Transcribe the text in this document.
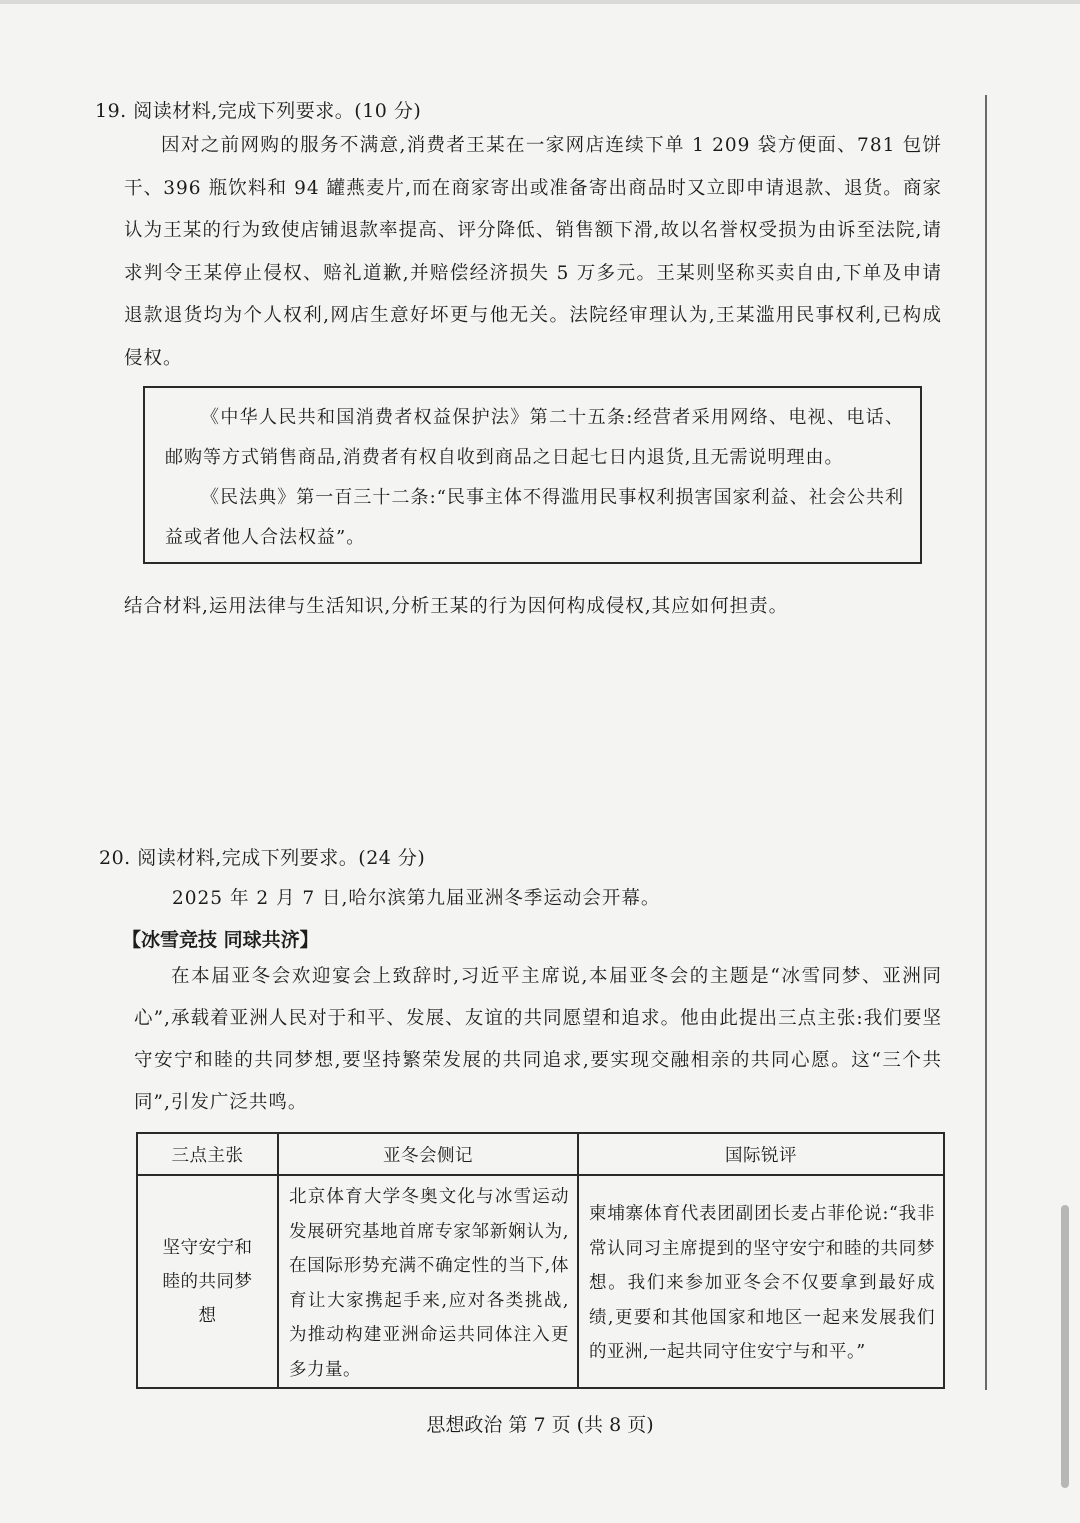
19. 阅读材料,完成下列要求。(10 分)
因对之前网购的服务不满意,消费者王某在一家网店连续下单 1 209 袋方便面、781 包饼干、396 瓶饮料和 94 罐燕麦片,而在商家寄出或准备寄出商品时又立即申请退款、退货。商家认为王某的行为致使店铺退款率提高、评分降低、销售额下滑,故以名誉权受损为由诉至法院,请求判令王某停止侵权、赔礼道歉,并赔偿经济损失 5 万多元。王某则坚称买卖自由,下单及申请退款退货均为个人权利,网店生意好坏更与他无关。法院经审理认为,王某滥用民事权利,已构成侵权。
《中华人民共和国消费者权益保护法》第二十五条:经营者采用网络、电视、电话、邮购等方式销售商品,消费者有权自收到商品之日起七日内退货,且无需说明理由。
《民法典》第一百三十二条:“民事主体不得滥用民事权利损害国家利益、社会公共利益或者他人合法权益”。
结合材料,运用法律与生活知识,分析王某的行为因何构成侵权,其应如何担责。
20. 阅读材料,完成下列要求。(24 分)
2025 年 2 月 7 日,哈尔滨第九届亚洲冬季运动会开幕。
【冰雪竞技 同球共济】
在本届亚冬会欢迎宴会上致辞时,习近平主席说,本届亚冬会的主题是“冰雪同梦、亚洲同心”,承载着亚洲人民对于和平、发展、友谊的共同愿望和追求。他由此提出三点主张:我们要坚守安宁和睦的共同梦想,要坚持繁荣发展的共同追求,要实现交融相亲的共同心愿。这“三个共同”,引发广泛共鸣。
三点主张	亚冬会侧记	国际锐评

坚守安宁和睦的共同梦想	北京体育大学冬奥文化与冰雪运动发展研究基地首席专家邹新娴认为,在国际形势充满不确定性的当下,体育让大家携起手来,应对各类挑战,为推动构建亚洲命运共同体注入更多力量。	柬埔寨体育代表团副团长麦占菲伦说:“我非常认同习主席提到的坚守安宁和睦的共同梦想。我们来参加亚冬会不仅要拿到最好成绩,更要和其他国家和地区一起来发展我们的亚洲,一起共同守住安宁与和平。”
思想政治 第 7 页 (共 8 页)
